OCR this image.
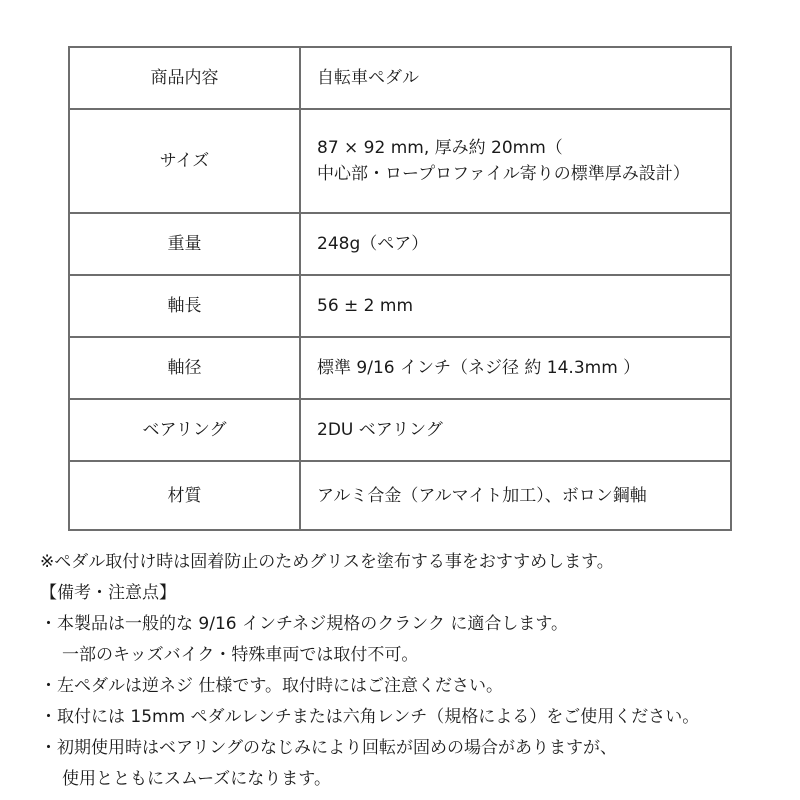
商品内容	自転車ペダル

サイズ	87 × 92 mm, 厚み約 20mm（
中心部・ロープロファイル寄りの標準厚み設計）

重量	248g（ペア）

軸長	56 ± 2 mm

軸径	標準 9/16 インチ（ネジ径 約 14.3mm ）

ベアリング	2DU ベアリング

材質	アルミ合金（アルマイト加工）、ボロン鋼軸
※ペダル取付け時は固着防止のためグリスを塗布する事をおすすめします。
【備考・注意点】
・本製品は一般的な 9/16 インチネジ規格のクランク に適合します。
一部のキッズバイク・特殊車両では取付不可。
・左ペダルは逆ネジ 仕様です。取付時にはご注意ください。
・取付には 15mm ペダルレンチまたは六角レンチ（規格による）をご使用ください。
・初期使用時はベアリングのなじみにより回転が固めの場合がありますが、
使用とともにスムーズになります。
